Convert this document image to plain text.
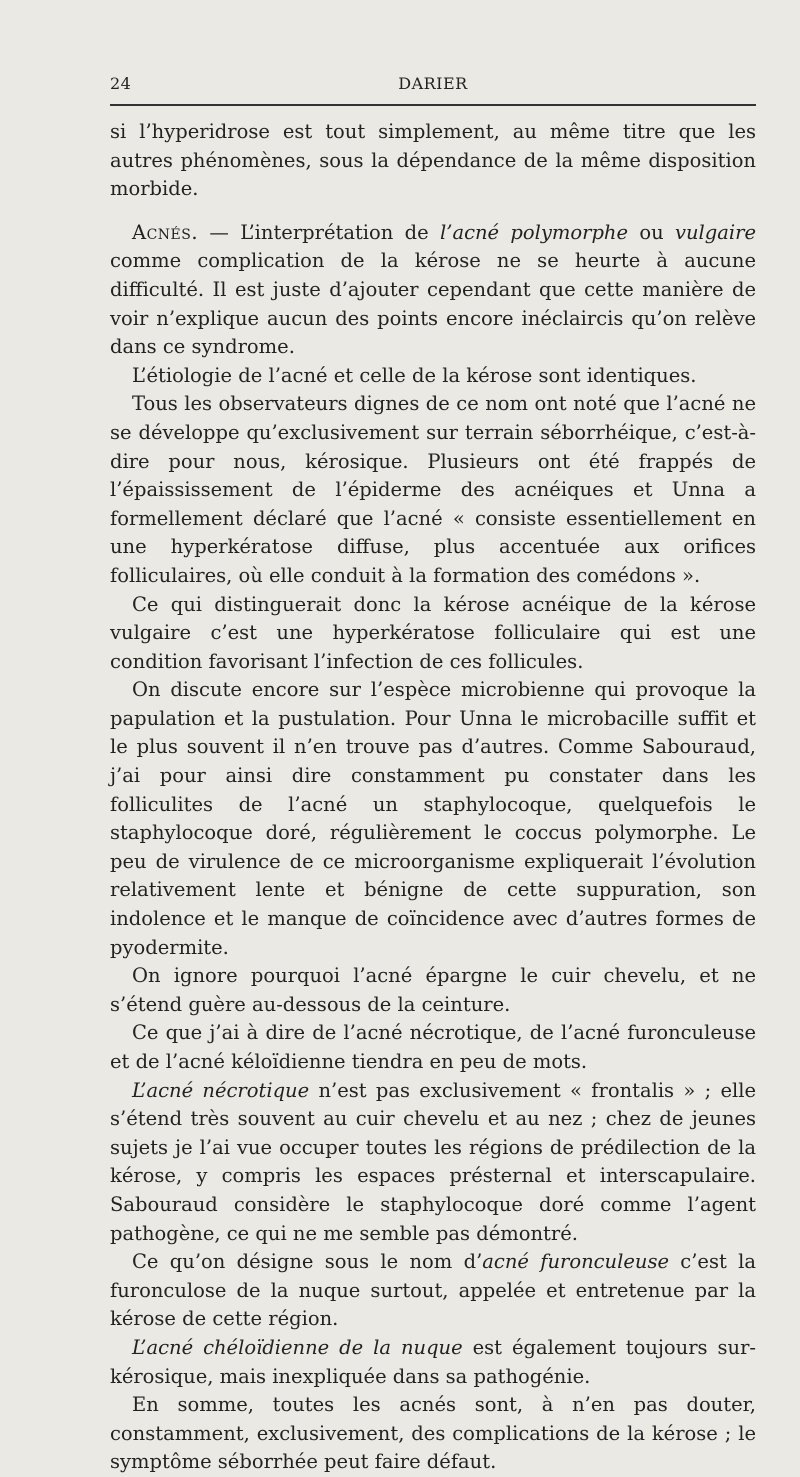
24	DARIER

si l’hyperidrose est tout simplement, au même titre que les autres phénomènes, sous la dépendance de la même disposition morbide.

Acnés. — L’interprétation de l’acné polymorphe ou vulgaire comme complication de la kérose ne se heurte à aucune difficulté. Il est juste d’ajouter cependant que cette manière de voir n’explique aucun des points encore inéclaircis qu’on relève dans ce syndrome.

L’étiologie de l’acné et celle de la kérose sont identiques.

Tous les observateurs dignes de ce nom ont noté que l’acné ne se développe qu’exclusivement sur terrain séborrhéique, c’est-à-dire pour nous, kérosique. Plusieurs ont été frappés de l’épaississement de l’épiderme des acnéiques et Unna a formellement déclaré que l’acné « consiste essentiellement en une hyperkératose diffuse, plus accentuée aux orifices folliculaires, où elle conduit à la formation des comédons ».

Ce qui distinguerait donc la kérose acnéique de la kérose vulgaire c’est une hyperkératose folliculaire qui est une condition favorisant l’infection de ces follicules.

On discute encore sur l’espèce microbienne qui provoque la papulation et la pustulation. Pour Unna le microbacille suffit et le plus souvent il n’en trouve pas d’autres. Comme Sabouraud, j’ai pour ainsi dire constamment pu constater dans les folliculites de l’acné un staphylocoque, quelquefois le staphylocoque doré, régulièrement le coccus polymorphe. Le peu de virulence de ce microorganisme expliquerait l’évolution relativement lente et bénigne de cette suppuration, son indolence et le manque de coïncidence avec d’autres formes de pyodermite.

On ignore pourquoi l’acné épargne le cuir chevelu, et ne s’étend guère au-dessous de la ceinture.

Ce que j’ai à dire de l’acné nécrotique, de l’acné furonculeuse et de l’acné kéloïdienne tiendra en peu de mots.

L’acné nécrotique n’est pas exclusivement « frontalis » ; elle s’étend très souvent au cuir chevelu et au nez ; chez de jeunes sujets je l’ai vue occuper toutes les régions de prédilection de la kérose, y compris les espaces présternal et interscapulaire. Sabouraud considère le staphylocoque doré comme l’agent pathogène, ce qui ne me semble pas démontré.

Ce qu’on désigne sous le nom d’acné furonculeuse c’est la furonculose de la nuque surtout, appelée et entretenue par la kérose de cette région.

L’acné chéloïdienne de la nuque est également toujours sur-kérosique, mais inexpliquée dans sa pathogénie.

En somme, toutes les acnés sont, à n’en pas douter, constamment, exclusivement, des complications de la kérose ; le symptôme séborrhée peut faire défaut.
